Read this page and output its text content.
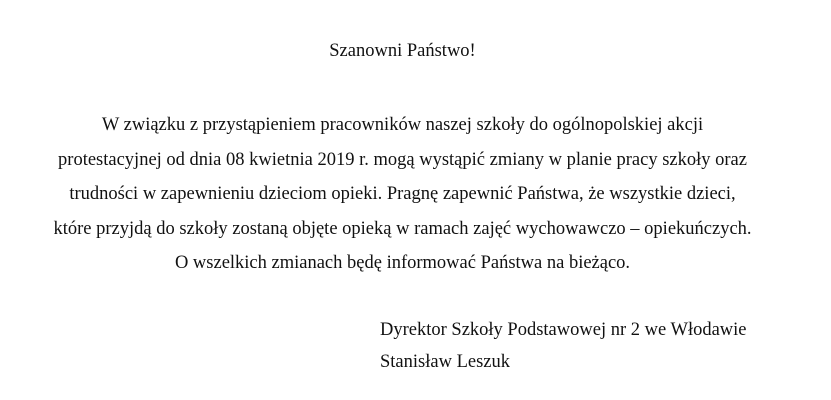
Szanowni Państwo!
W związku z przystąpieniem pracowników naszej szkoły do ogólnopolskiej akcji
protestacyjnej od dnia 08 kwietnia 2019 r. mogą wystąpić zmiany w planie pracy szkoły oraz
trudności w zapewnieniu dzieciom opieki. Pragnę zapewnić Państwa, że wszystkie dzieci,
które przyjdą do szkoły zostaną objęte opieką w ramach zajęć wychowawczo – opiekuńczych.
O wszelkich zmianach będę informować Państwa na bieżąco.
Dyrektor Szkoły Podstawowej nr 2 we Włodawie
Stanisław Leszuk
